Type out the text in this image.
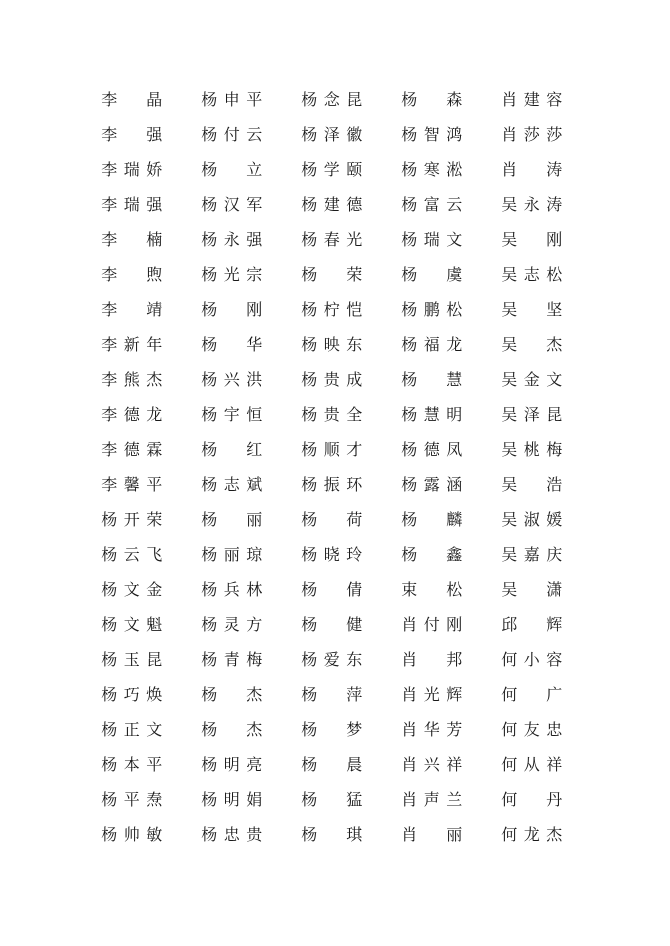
李 晶 杨 申 平 杨 念 昆 杨 森 肖 建 容
李 强 杨 付 云 杨 泽 徽 杨 智 鸿 肖 莎 莎
李 瑞 娇 杨 立 杨 学 颐 杨 寒 淞 肖 涛
李 瑞 强 杨 汉 军 杨 建 德 杨 富 云 吴 永 涛
李 楠 杨 永 强 杨 春 光 杨 瑞 文 吴 刚
李 煦 杨 光 宗 杨 荣 杨 虞 吴 志 松
李 靖 杨 刚 杨 柠 恺 杨 鹏 松 吴 坚
李 新 年 杨 华 杨 映 东 杨 福 龙 吴 杰
李 熊 杰 杨 兴 洪 杨 贵 成 杨 慧 吴 金 文
李 德 龙 杨 宇 恒 杨 贵 全 杨 慧 明 吴 泽 昆
李 德 霖 杨 红 杨 顺 才 杨 德 凤 吴 桃 梅
李 馨 平 杨 志 斌 杨 振 环 杨 露 涵 吴 浩
杨 开 荣 杨 丽 杨 荷 杨 麟 吴 淑 媛
杨 云 飞 杨 丽 琼 杨 晓 玲 杨 鑫 吴 嘉 庆
杨 文 金 杨 兵 林 杨 倩 束 松 吴 潇
杨 文 魁 杨 灵 方 杨 健 肖 付 刚 邱 辉
杨 玉 昆 杨 青 梅 杨 爱 东 肖 邦 何 小 容
杨 巧 焕 杨 杰 杨 萍 肖 光 辉 何 广
杨 正 文 杨 杰 杨 梦 肖 华 芳 何 友 忠
杨 本 平 杨 明 亮 杨 晨 肖 兴 祥 何 从 祥
杨 平 焘 杨 明 娟 杨 猛 肖 声 兰 何 丹
杨 帅 敏 杨 忠 贵 杨 琪 肖 丽 何 龙 杰
